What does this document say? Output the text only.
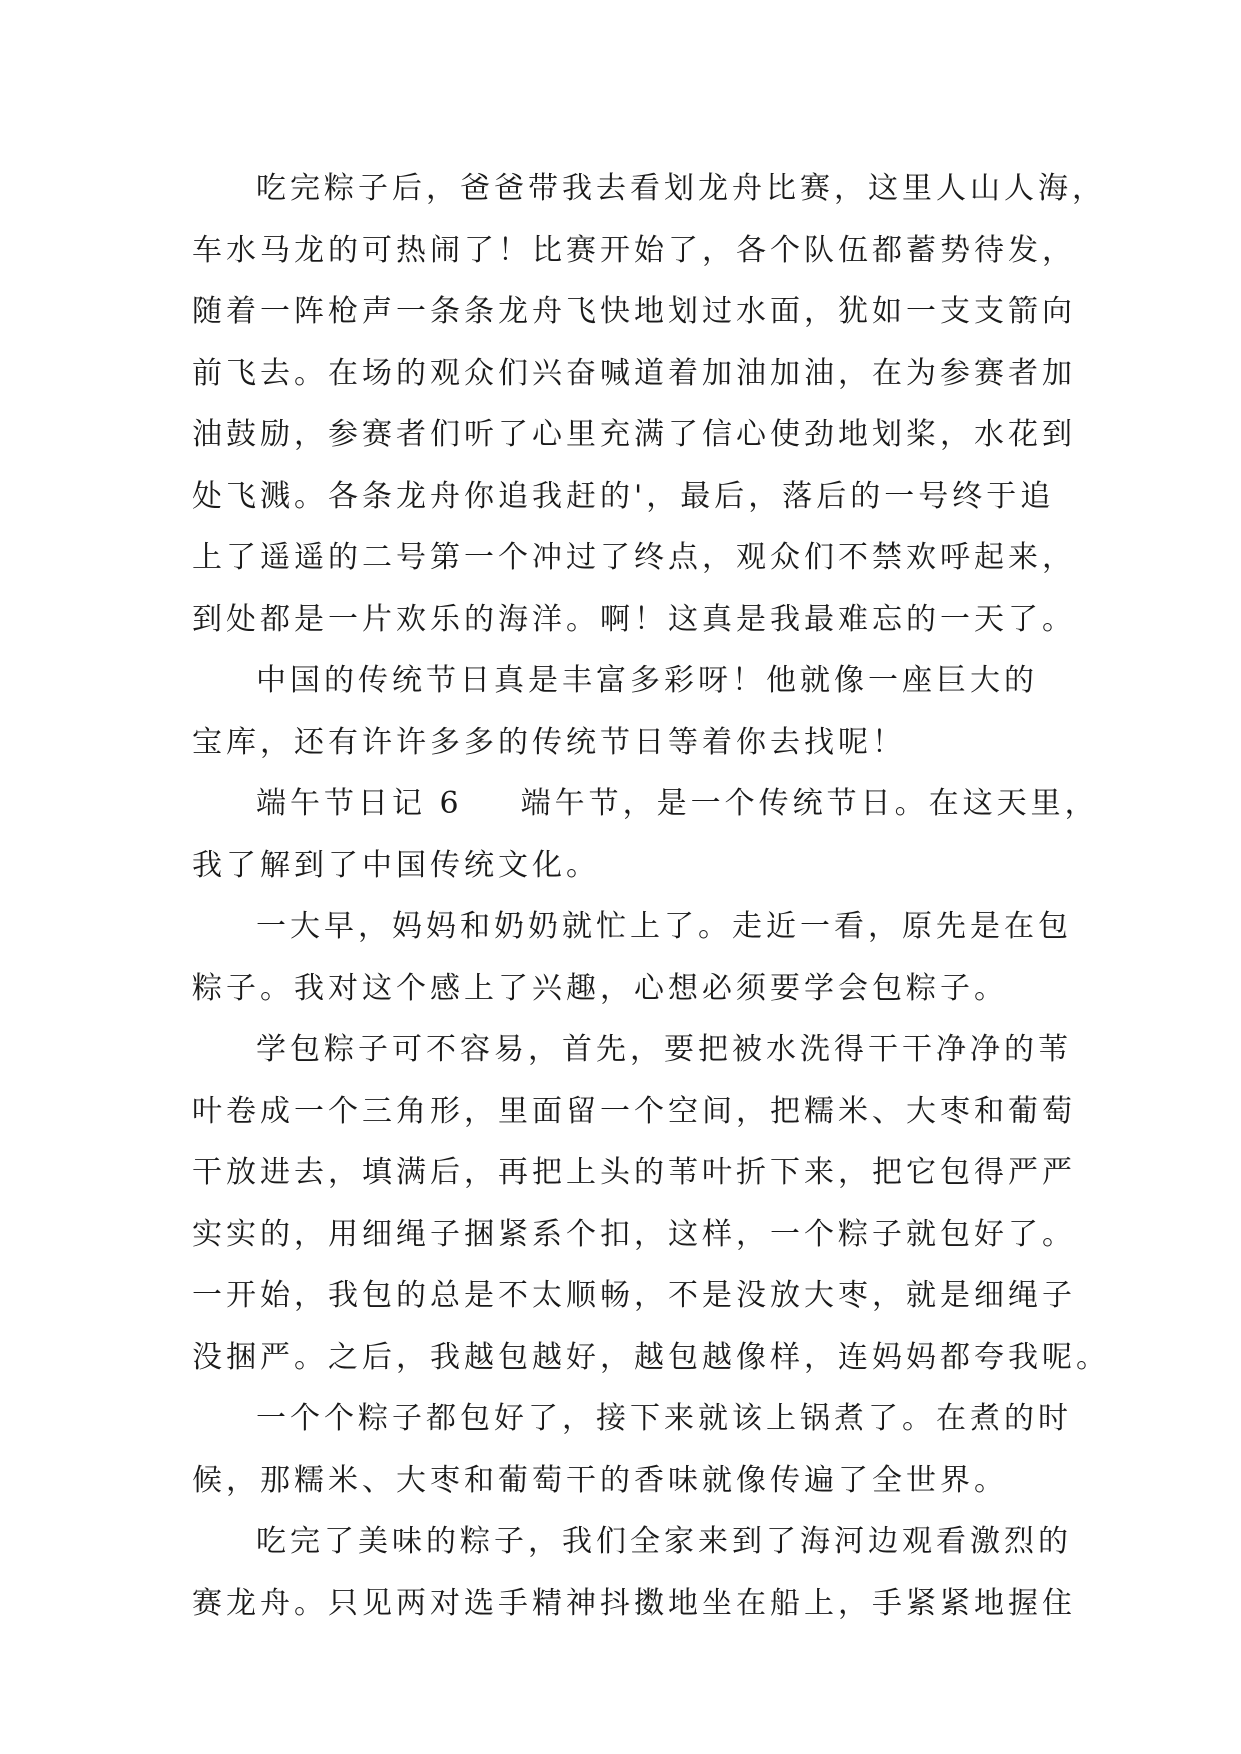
吃完粽子后，爸爸带我去看划龙舟比赛，这里人山人海，
车水马龙的可热闹了！比赛开始了，各个队伍都蓄势待发，
随着一阵枪声一条条龙舟飞快地划过水面，犹如一支支箭向
前飞去。在场的观众们兴奋喊道着加油加油，在为参赛者加
油鼓励，参赛者们听了心里充满了信心使劲地划桨，水花到
处飞溅。各条龙舟你追我赶的'，最后，落后的一号终于追
上了遥遥的二号第一个冲过了终点，观众们不禁欢呼起来，
到处都是一片欢乐的海洋。啊！这真是我最难忘的一天了。
中国的传统节日真是丰富多彩呀！他就像一座巨大的
宝库，还有许许多多的传统节日等着你去找呢！
端午节日记 6 端午节，是一个传统节日。在这天里，
我了解到了中国传统文化。
一大早，妈妈和奶奶就忙上了。走近一看，原先是在包
粽子。我对这个感上了兴趣，心想必须要学会包粽子。
学包粽子可不容易，首先，要把被水洗得干干净净的苇
叶卷成一个三角形，里面留一个空间，把糯米、大枣和葡萄
干放进去，填满后，再把上头的苇叶折下来，把它包得严严
实实的，用细绳子捆紧系个扣，这样，一个粽子就包好了。
一开始，我包的总是不太顺畅，不是没放大枣，就是细绳子
没捆严。之后，我越包越好，越包越像样，连妈妈都夸我呢。
一个个粽子都包好了，接下来就该上锅煮了。在煮的时
候，那糯米、大枣和葡萄干的香味就像传遍了全世界。
吃完了美味的粽子，我们全家来到了海河边观看激烈的
赛龙舟。只见两对选手精神抖擞地坐在船上，手紧紧地握住
